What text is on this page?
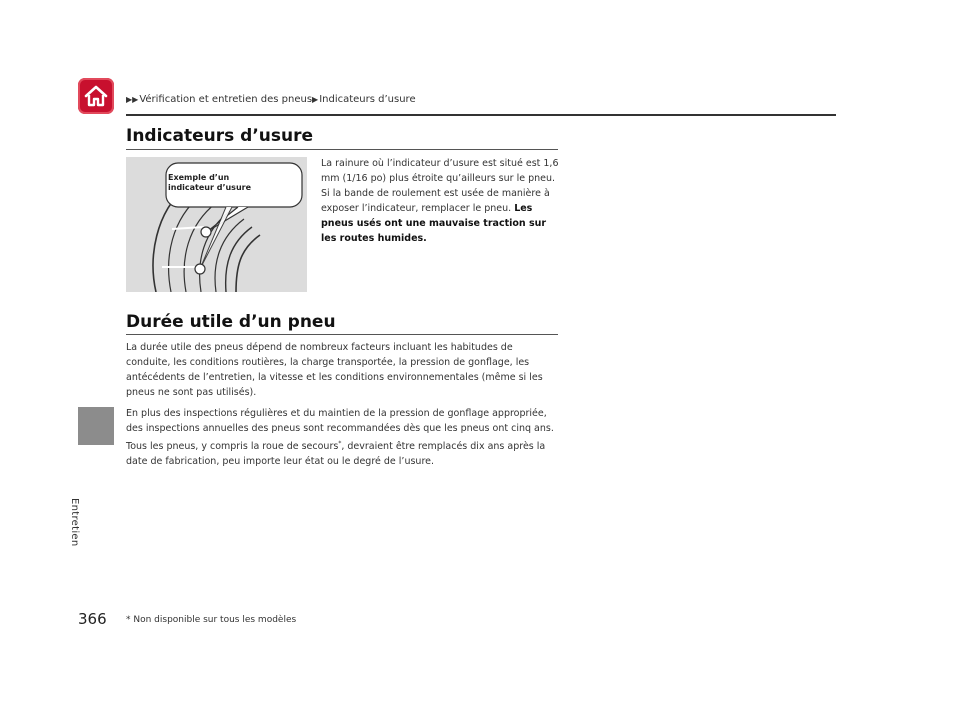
▶▶ Vérification et entretien des pneus ▶ Indicateurs d’usure
Entretien
Indicateurs d’usure
Exemple d’un
indicateur d’usure

La rainure où l’indicateur d’usure est situé est 1,6 mm (1/16 po) plus étroite qu’ailleurs sur le pneu. Si la bande de roulement est usée de manière à exposer l’indicateur, remplacer le pneu. Les pneus usés ont une mauvaise traction sur les routes humides.

Durée utile d’un pneu

La durée utile des pneus dépend de nombreux facteurs incluant les habitudes de conduite, les conditions routières, la charge transportée, la pression de gonflage, les antécédents de l’entretien, la vitesse et les conditions environnementales (même si les pneus ne sont pas utilisés).

En plus des inspections régulières et du maintien de la pression de gonflage appropriée, des inspections annuelles des pneus sont recommandées dès que les pneus ont cinq ans. Tous les pneus, y compris la roue de secours*, devraient être remplacés dix ans après la date de fabrication, peu importe leur état ou le degré de l’usure.

366 * Non disponible sur tous les modèles
